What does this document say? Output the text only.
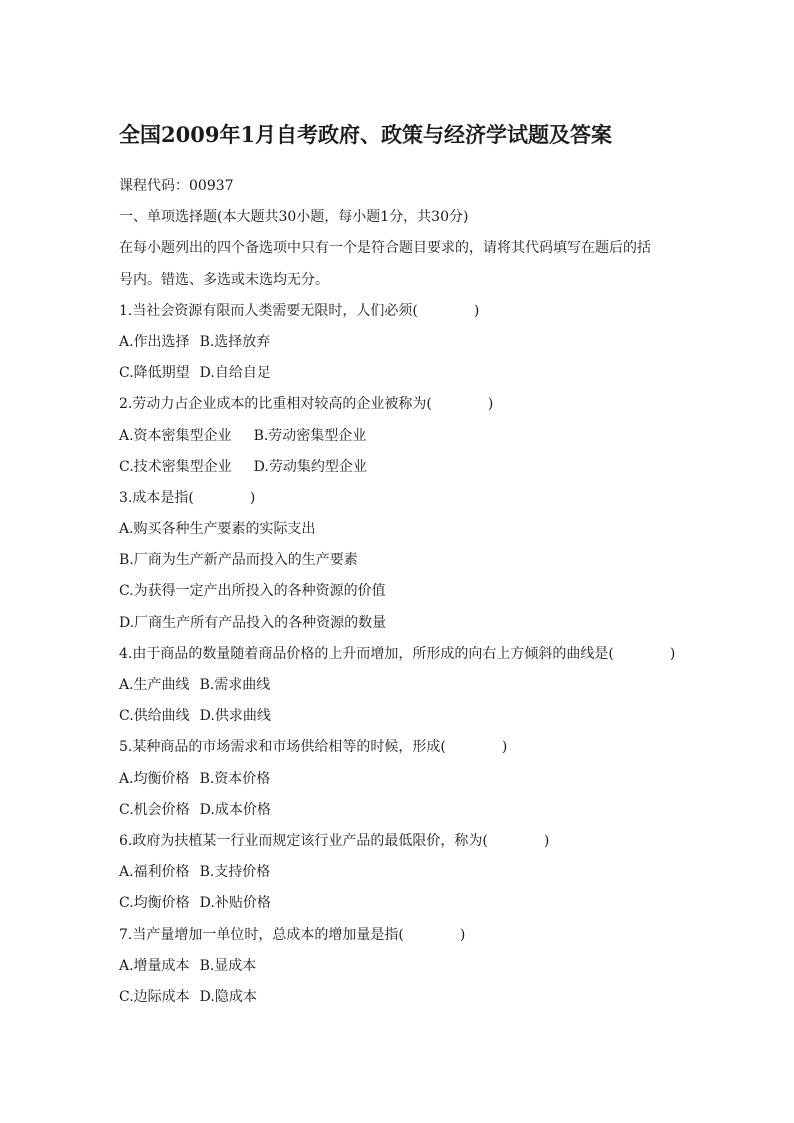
全国2009年1月自考政府、政策与经济学试题及答案
课程代码：00937
一、单项选择题(本大题共30小题，每小题1分，共30分)
在每小题列出的四个备选项中只有一个是符合题目要求的，请将其代码填写在题后的括
号内。错选、多选或未选均无分。
1.当社会资源有限而人类需要无限时，人们必须(　　　　)
A.作出选择 B.选择放弃
C.降低期望 D.自给自足
2.劳动力占企业成本的比重相对较高的企业被称为(　　　　)
A.资本密集型企业 B.劳动密集型企业
C.技术密集型企业 D.劳动集约型企业
3.成本是指(　　　　)
A.购买各种生产要素的实际支出
B.厂商为生产新产品而投入的生产要素
C.为获得一定产出所投入的各种资源的价值
D.厂商生产所有产品投入的各种资源的数量
4.由于商品的数量随着商品价格的上升而增加，所形成的向右上方倾斜的曲线是(　　　　)
A.生产曲线 B.需求曲线
C.供给曲线 D.供求曲线
5.某种商品的市场需求和市场供给相等的时候，形成(　　　　)
A.均衡价格 B.资本价格
C.机会价格 D.成本价格
6.政府为扶植某一行业而规定该行业产品的最低限价，称为(　　　　)
A.福利价格 B.支持价格
C.均衡价格 D.补贴价格
7.当产量增加一单位时，总成本的增加量是指(　　　　)
A.增量成本 B.显成本
C.边际成本 D.隐成本
